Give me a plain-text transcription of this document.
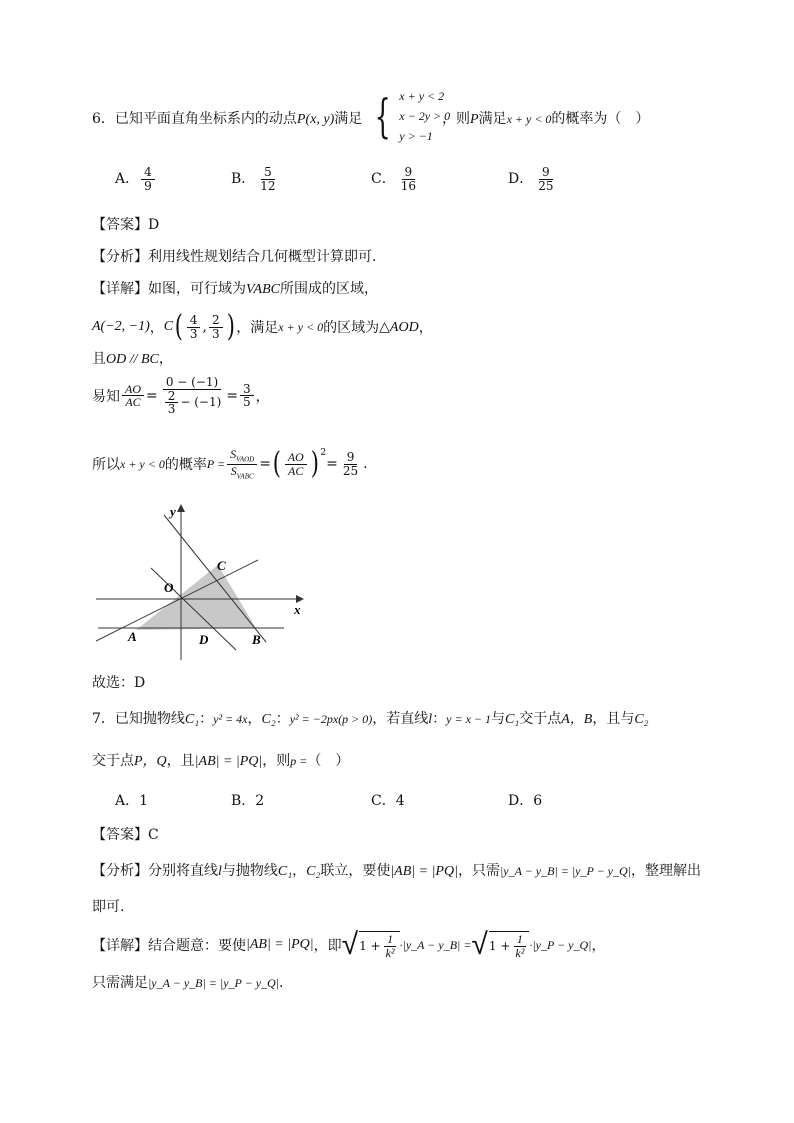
6．已知平面直角坐标系内的动点P(x, y)满足 { x + y < 2
x − 2y > 0
y > −1
，则P满足x + y < 0的概率为（　）
A． $\frac{4}{9}$	B． $\frac{5}{12}$	C． $\frac{9}{16}$	D． $\frac{9}{25}$
【答案】D
【分析】利用线性规划结合几何概型计算即可.
【详解】如图，可行域为VABC所围成的区域，
A(−2, −1) ， C ( $\frac{4}{3}$ , $\frac{2}{3}$ ) ，满足 x + y < 0 的区域为 △AOD ，
且OD // BC，
易知 $\frac{AO}{AC} = \frac{0 - (-1)}{\frac{2}{3} - (-1)} = \frac{3}{5}$ ，
所以 x + y < 0 的概率 $P = \frac{S_{VAOD}}{S_{VABC}}$ = ( $\frac{AO}{AC} )^2$
= $\frac{9}{25}$ .
y
x
O
C
A	D	B
故选：D
7．已知抛物线C₁：y² = 4x，C₂：y² = −2px(p > 0)，若直线l：y = x − 1与C₁交于点A，B，且与C₂
交于点P，Q，且|AB| = |PQ|，则p =（　）
A．1	B．2	C．4	D．6
【答案】C
【分析】分别将直线l与抛物线C₁，C₂联立，要使|AB| = |PQ|，只需|y_A − y_B| = |y_P − y_Q|，整理解出
即可.
【详解】 结合题意：要使 |AB| = |PQ| ，即 √ $1 + \frac{1}{\text{k²}}$ ·|y_A − y_B| = √ $1 + \frac{1}{\text{k²}}$ ·|y_P − y_Q| ，
只需满足|y_A − y_B| = |y_P − y_Q|.
